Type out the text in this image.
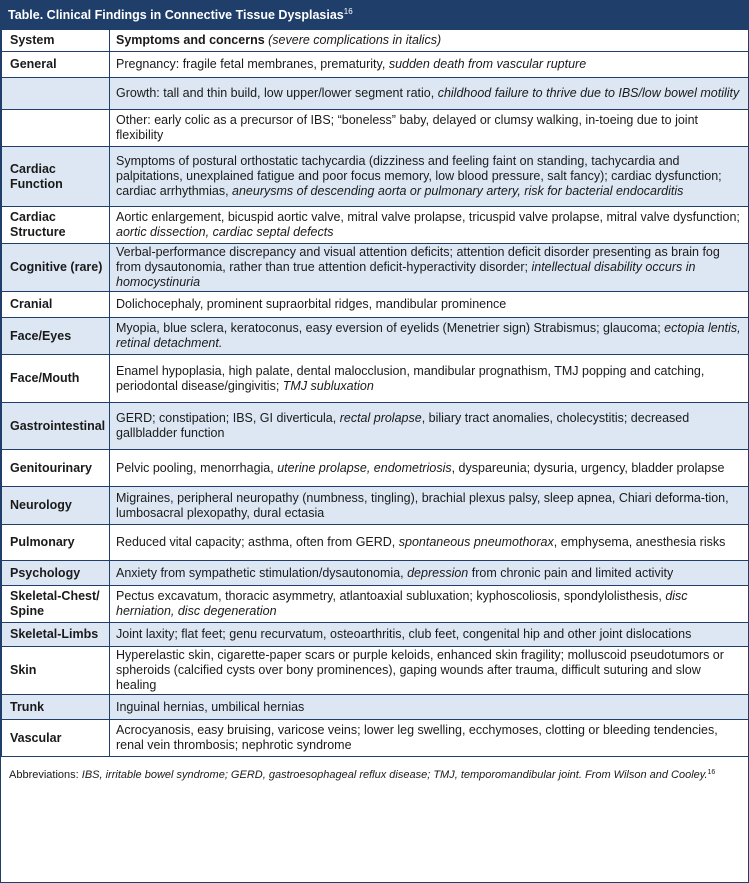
Table. Clinical Findings in Connective Tissue Dysplasias$^{16}$
System	Symptoms and concerns (severe complications in italics)
General	Pregnancy: fragile fetal membranes, prematurity, sudden death from vascular rupture
	Growth: tall and thin build, low upper/lower segment ratio, childhood failure to thrive due to IBS/low bowel motility
	Other: early colic as a precursor of IBS; “boneless” baby, delayed or clumsy walking, in-toeing due to joint flexibility
Cardiac Function	Symptoms of postural orthostatic tachycardia (dizziness and feeling faint on standing, tachycardia and palpitations, unexplained fatigue and poor focus memory, low blood pressure, salt fancy); cardiac dysfunction; cardiac arrhythmias, aneurysms of descending aorta or pulmonary artery, risk for bacterial endocarditis
Cardiac Structure	Aortic enlargement, bicuspid aortic valve, mitral valve prolapse, tricuspid valve prolapse, mitral valve dysfunction; aortic dissection, cardiac septal defects
Cognitive (rare)	Verbal-performance discrepancy and visual attention deficits; attention deficit disorder presenting as brain fog from dysautonomia, rather than true attention deficit-hyperactivity disorder; intellectual disability occurs in homocystinuria
Cranial	Dolichocephaly, prominent supraorbital ridges, mandibular prominence
Face/Eyes	Myopia, blue sclera, keratoconus, easy eversion of eyelids (Menetrier sign) Strabismus; glaucoma; ectopia lentis, retinal detachment.
Face/Mouth	Enamel hypoplasia, high palate, dental malocclusion, mandibular prognathism, TMJ popping and catching, periodontal disease/gingivitis; TMJ subluxation
Gastrointestinal	GERD; constipation; IBS, GI diverticula, rectal prolapse, biliary tract anomalies, cholecystitis; decreased gallbladder function
Genitourinary	Pelvic pooling, menorrhagia, uterine prolapse, endometriosis, dyspareunia; dysuria, urgency, bladder prolapse
Neurology	Migraines, peripheral neuropathy (numbness, tingling), brachial plexus palsy, sleep apnea, Chiari deforma-tion, lumbosacral plexopathy, dural ectasia
Pulmonary	Reduced vital capacity; asthma, often from GERD, spontaneous pneumothorax, emphysema, anesthesia risks
Psychology	Anxiety from sympathetic stimulation/dysautonomia, depression from chronic pain and limited activity
Skeletal-Chest/ Spine	Pectus excavatum, thoracic asymmetry, atlantoaxial subluxation; kyphoscoliosis, spondylolisthesis, disc herniation, disc degeneration
Skeletal-Limbs	Joint laxity; flat feet; genu recurvatum, osteoarthritis, club feet, congenital hip and other joint dislocations
Skin	Hyperelastic skin, cigarette-paper scars or purple keloids, enhanced skin fragility; molluscoid pseudotumors or spheroids (calcified cysts over bony prominences), gaping wounds after trauma, difficult suturing and slow healing
Trunk	Inguinal hernias, umbilical hernias
Vascular	Acrocyanosis, easy bruising, varicose veins; lower leg swelling, ecchymoses, clotting or bleeding tendencies, renal vein thrombosis; nephrotic syndrome
Abbreviations: IBS, irritable bowel syndrome; GERD, gastroesophageal reflux disease; TMJ, temporomandibular joint. From Wilson and Cooley.$^{16}$
